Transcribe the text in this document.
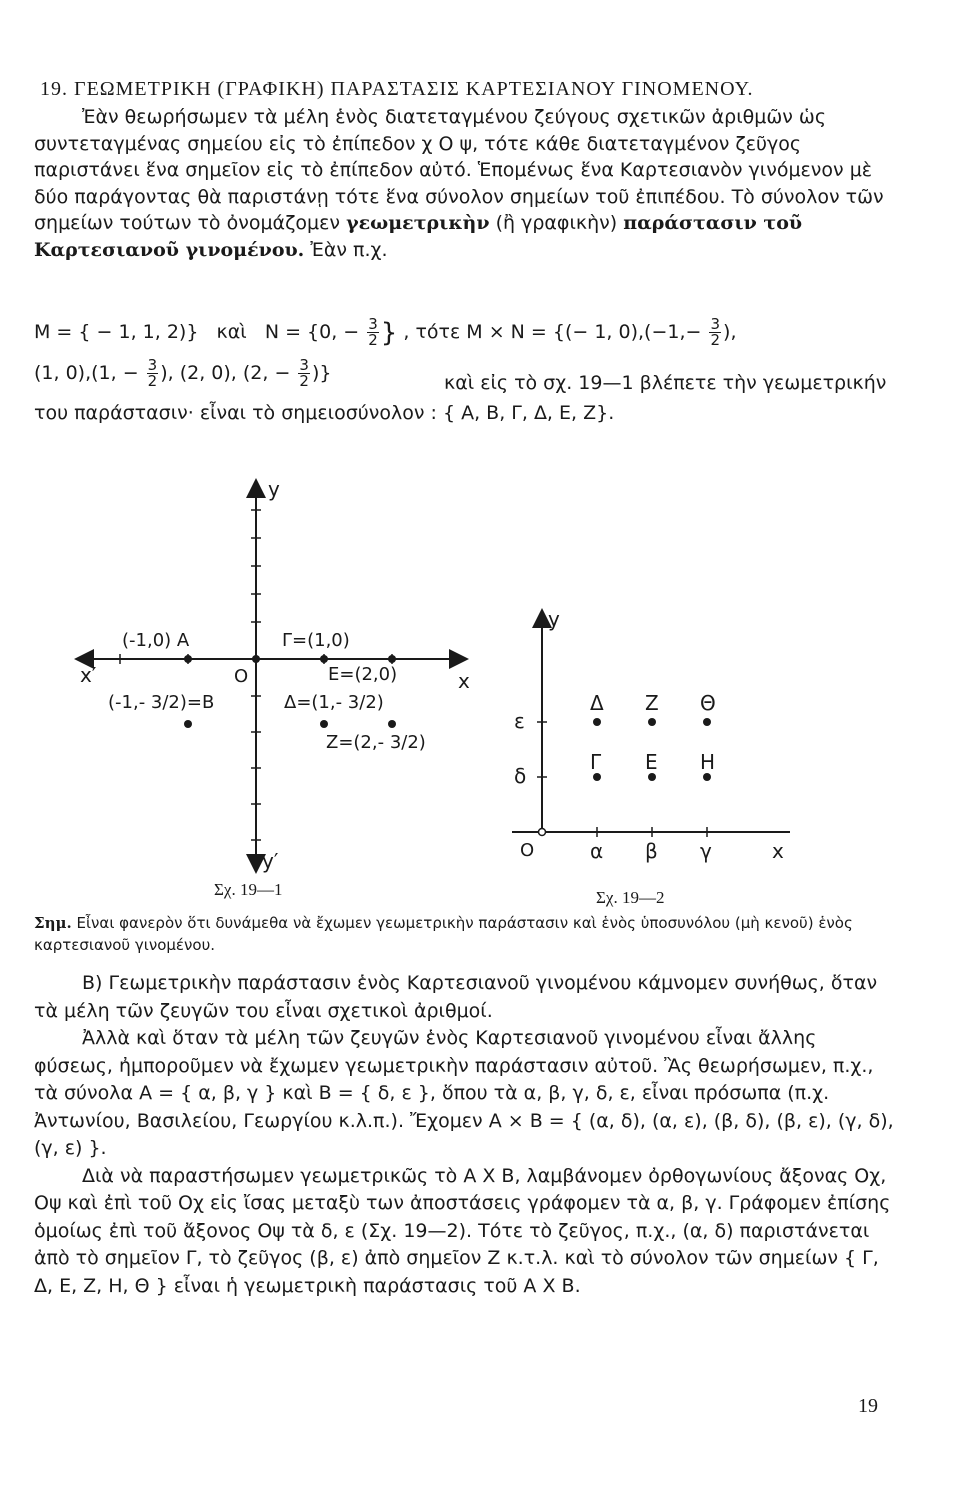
19. ΓΕΩΜΕΤΡΙΚΗ (ΓΡΑΦΙΚΗ) ΠΑΡΑΣΤΑΣΙΣ ΚΑΡΤΕΣΙΑΝΟΥ ΓΙΝΟΜΕΝΟΥ.

Ἐὰν θεωρήσωμεν τὰ μέλη ἑνὸς διατεταγμένου ζεύγους σχετικῶν ἀριθμῶν ὡς συντεταγμένας σημείου εἰς τὸ ἐπίπεδον χ Ο ψ, τότε κάθε διατεταγμένον ζεῦγος παριστάνει ἕνα σημεῖον εἰς τὸ ἐπίπεδον αὐτό. Ἑπομένως ἕνα Καρτεσιανὸν γινόμενον μὲ δύο παράγοντας θὰ παριστάνῃ τότε ἕνα σύνολον σημείων τοῦ ἐπιπέδου. Τὸ σύνολον τῶν σημείων τούτων τὸ ὀνομάζομεν γεωμετρικὴν (ἢ γραφικὴν) παράστασιν τοῦ Καρτεσιανοῦ γινομένου. Ἐὰν π.χ.

Μ = { − 1, 1, 2)} καὶ Ν = {0, − $\frac{3}{2}$ } , τότε Μ × Ν = {(− 1, $0),(-1,- \frac{3}{2}$ ),
(1, 0),(1, − $\frac{3}{2}$ ), (2, 0), (2, − $\frac{3}{2}$ )}	καὶ εἰς τὸ σχ. 19—1 βλέπετε τὴν γεωμετρικήν του παράστασιν· εἶναι τὸ σημειοσύνολον : { Α, Β, Γ, Δ, Ε, Ζ}.
y
x
x′
y′
O
(-1,0) A
(-1,- 3/2)=B
Γ=(1,0)
E=(2,0)
Δ=(1,- 3/2)
Z=(2,- 3/2)
Σχ. 19—1
y
x
O	α β γ
δ
ε
Δ Z Θ
Γ E H
Σχ. 19—2
Σημ. Εἶναι φανερὸν ὅτι δυνάμεθα νὰ ἔχωμεν γεωμετρικὴν παράστασιν καὶ ἑνὸς ὑποσυνόλου (μὴ κενοῦ) ἑνὸς καρτεσιανοῦ γινομένου.

Β) Γεωμετρικὴν παράστασιν ἑνὸς Καρτεσιανοῦ γινομένου κάμνομεν συνήθως, ὅταν τὰ μέλη τῶν ζευγῶν του εἶναι σχετικοὶ ἀριθμοί.

Ἀλλὰ καὶ ὅταν τὰ μέλη τῶν ζευγῶν ἑνὸς Καρτεσιανοῦ γινομένου εἶναι ἄλλης φύσεως, ἠμποροῦμεν νὰ ἔχωμεν γεωμετρικὴν παράστασιν αὐτοῦ. Ἂς θεωρήσωμεν, π.χ., τὰ σύνολα Α = { α, β, γ } καὶ Β = { δ, ε }, ὅπου τὰ α, β, γ, δ, ε, εἶναι πρόσωπα (π.χ. Ἀντωνίου, Βασιλείου, Γεωργίου κ.λ.π.). Ἔχομεν Α × Β = { (α, δ), (α, ε), (β, δ), (β, ε), (γ, δ), (γ, ε) }.

Διὰ νὰ παραστήσωμεν γεωμετρικῶς τὸ Α Χ Β, λαμβάνομεν ὀρθογωνίους ἄξονας Οχ, Οψ καὶ ἐπὶ τοῦ Οχ εἰς ἴσας μεταξὺ των ἀποστάσεις γράφομεν τὰ α, β, γ. Γράφομεν ἐπίσης ὁμοίως ἐπὶ τοῦ ἄξονος Οψ τὰ δ, ε (Σχ. 19—2). Τότε τὸ ζεῦγος, π.χ., (α, δ) παριστάνεται ἀπὸ τὸ σημεῖον Γ, τὸ ζεῦγος (β, ε) ἀπὸ σημεῖον Ζ κ.τ.λ. καὶ τὸ σύνολον τῶν σημείων { Γ, Δ, Ε, Ζ, Η, Θ } εἶναι ἡ γεωμετρικὴ παράστασις τοῦ Α Χ Β.

19
